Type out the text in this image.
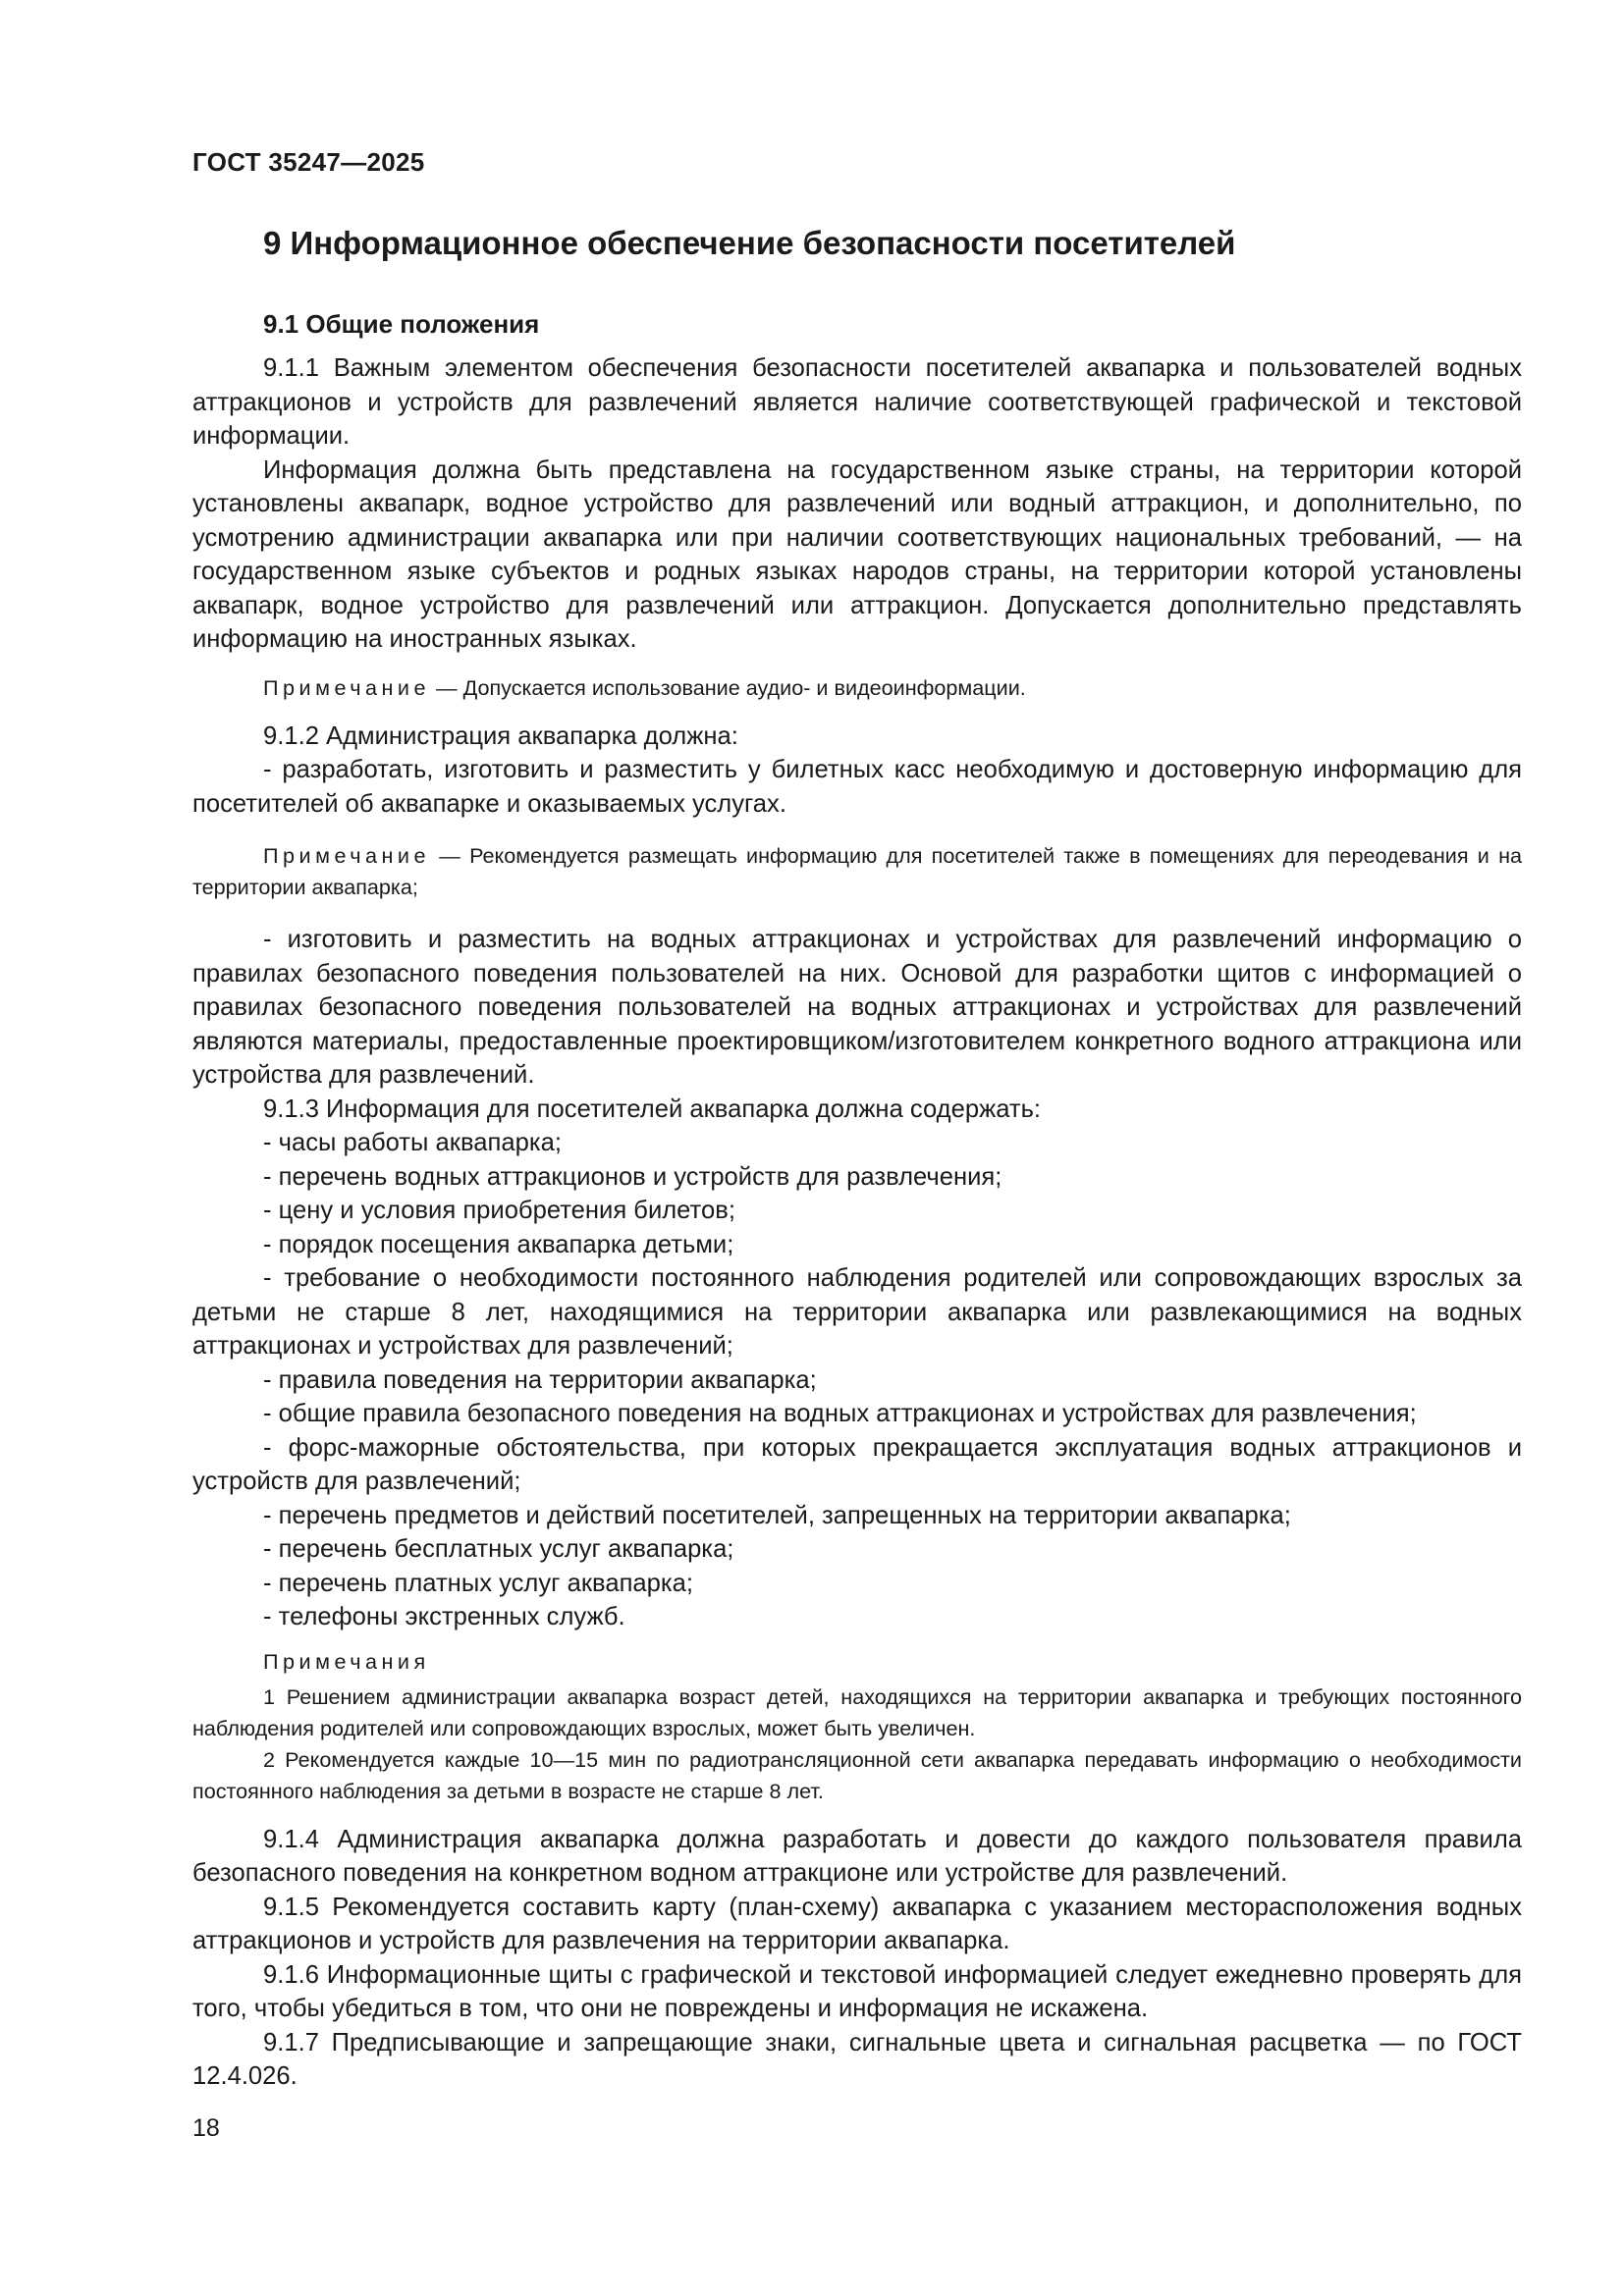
ГОСТ 35247—2025
9 Информационное обеспечение безопасности посетителей
9.1 Общие положения

9.1.1 Важным элементом обеспечения безопасности посетителей аквапарка и пользователей водных аттракционов и устройств для развлечений является наличие соответствующей графической и текстовой информации.

Информация должна быть представлена на государственном языке страны, на территории которой установлены аквапарк, водное устройство для развлечений или водный аттракцион, и дополнительно, по усмотрению администрации аквапарка или при наличии соответствующих национальных требований, — на государственном языке субъектов и родных языках народов страны, на территории которой установлены аквапарк, водное устройство для развлечений или аттракцион. Допускается дополнительно представлять информацию на иностранных языках.

Примечание — Допускается использование аудио- и видеоинформации.

9.1.2 Администрация аквапарка должна:

- разработать, изготовить и разместить у билетных касс необходимую и достоверную информацию для посетителей об аквапарке и оказываемых услугах.

Примечание — Рекомендуется размещать информацию для посетителей также в помещениях для переодевания и на территории аквапарка;

- изготовить и разместить на водных аттракционах и устройствах для развлечений информацию о правилах безопасного поведения пользователей на них. Основой для разработки щитов с информацией о правилах безопасного поведения пользователей на водных аттракционах и устройствах для развлечений являются материалы, предоставленные проектировщиком/изготовителем конкретного водного аттракциона или устройства для развлечений.

9.1.3 Информация для посетителей аквапарка должна содержать:

- часы работы аквапарка;

- перечень водных аттракционов и устройств для развлечения;

- цену и условия приобретения билетов;

- порядок посещения аквапарка детьми;

- требование о необходимости постоянного наблюдения родителей или сопровождающих взрослых за детьми не старше 8 лет, находящимися на территории аквапарка или развлекающимися на водных аттракционах и устройствах для развлечений;

- правила поведения на территории аквапарка;

- общие правила безопасного поведения на водных аттракционах и устройствах для развлечения;

- форс-мажорные обстоятельства, при которых прекращается эксплуатация водных аттракционов и устройств для развлечений;

- перечень предметов и действий посетителей, запрещенных на территории аквапарка;

- перечень бесплатных услуг аквапарка;

- перечень платных услуг аквапарка;

- телефоны экстренных служб.

Примечания

1 Решением администрации аквапарка возраст детей, находящихся на территории аквапарка и требующих постоянного наблюдения родителей или сопровождающих взрослых, может быть увеличен.

2 Рекомендуется каждые 10—15 мин по радиотрансляционной сети аквапарка передавать информацию о необходимости постоянного наблюдения за детьми в возрасте не старше 8 лет.

9.1.4 Администрация аквапарка должна разработать и довести до каждого пользователя правила безопасного поведения на конкретном водном аттракционе или устройстве для развлечений.

9.1.5 Рекомендуется составить карту (план-схему) аквапарка с указанием месторасположения водных аттракционов и устройств для развлечения на территории аквапарка.

9.1.6 Информационные щиты с графической и текстовой информацией следует ежедневно проверять для того, чтобы убедиться в том, что они не повреждены и информация не искажена.

9.1.7 Предписывающие и запрещающие знаки, сигнальные цвета и сигнальная расцветка — по ГОСТ 12.4.026.

18
